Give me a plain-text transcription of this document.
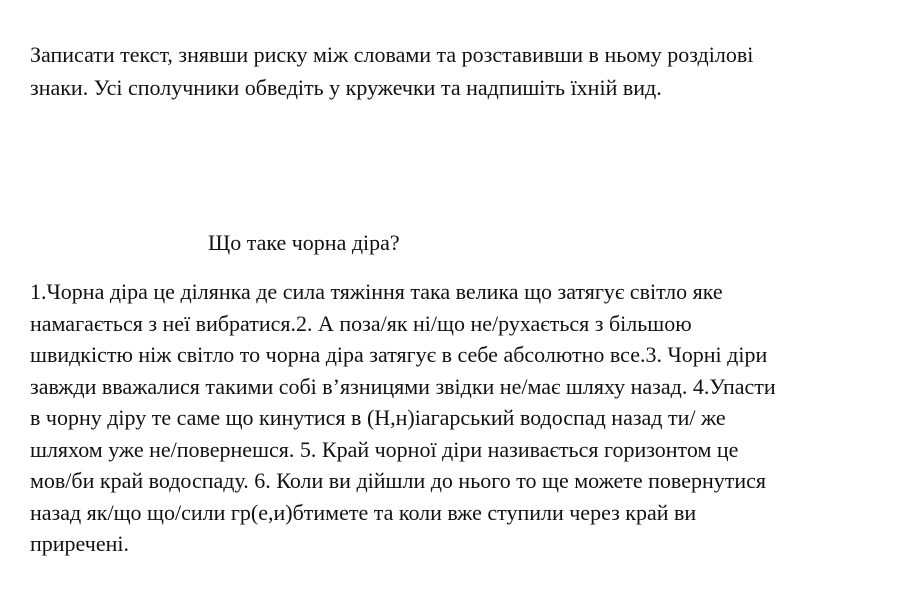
Записати текст, знявши риску між словами та розставивши в ньому розділові
знаки. Усі сполучники обведіть у кружечки та надпишіть їхній вид.

Що таке чорна діра?

1.Чорна діра це ділянка де сила тяжіння така велика що затягує світло яке
намагається з неї вибратися.2. А поза/як ні/що не/рухається з більшою
швидкістю ніж світло то чорна діра затягує в себе абсолютно все.3. Чорні діри
завжди вважалися такими собі в’язницями звідки не/має шляху назад. 4.Упасти
в чорну діру те саме що кинутися в (Н,н)іагарський водоспад назад ти/ же
шляхом уже не/повернешся. 5. Край чорної діри називається горизонтом це
мов/би край водоспаду. 6. Коли ви дійшли до нього то ще можете повернутися
назад як/що що/сили гр(е,и)бтимете та коли вже ступили через край ви
приречені.
